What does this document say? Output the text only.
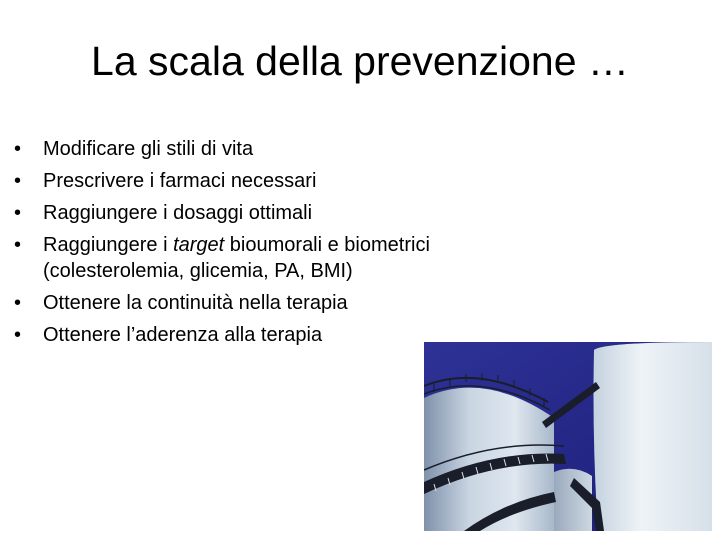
La scala della prevenzione …
• Modificare gli stili di vita
• Prescrivere i farmaci necessari
• Raggiungere i dosaggi ottimali
• Raggiungere i target bioumorali e biometrici (colesterolemia, glicemia, PA, BMI)
• Ottenere la continuità nella terapia
• Ottenere l’aderenza alla terapia
